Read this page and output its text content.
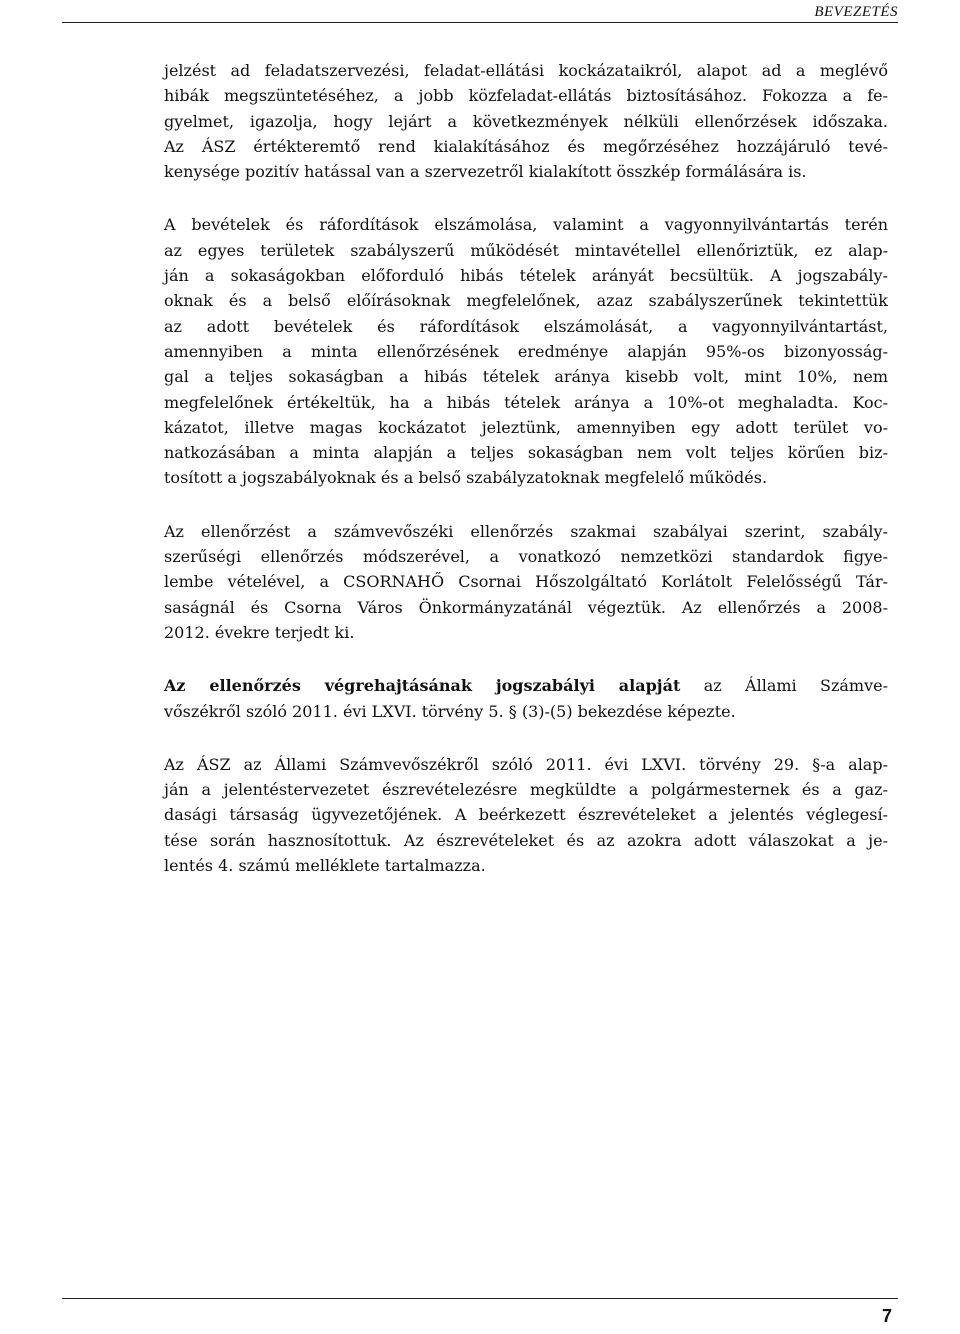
BEVEZETÉS
jelzést ad feladatszervezési, feladat-ellátási kockázataikról, alapot ad a meglévő
hibák megszüntetéséhez, a jobb közfeladat-ellátás biztosításához. Fokozza a fe-
gyelmet, igazolja, hogy lejárt a következmények nélküli ellenőrzések időszaka.
Az ÁSZ értékteremtő rend kialakításához és megőrzéséhez hozzájáruló tevé-
kenysége pozitív hatással van a szervezetről kialakított összkép formálására is.
A bevételek és ráfordítások elszámolása, valamint a vagyonnyilvántartás terén
az egyes területek szabályszerű működését mintavétellel ellenőriztük, ez alap-
ján a sokaságokban előforduló hibás tételek arányát becsültük. A jogszabály-
oknak és a belső előírásoknak megfelelőnek, azaz szabályszerűnek tekintettük
az adott bevételek és ráfordítások elszámolását, a vagyonnyilvántartást,
amennyiben a minta ellenőrzésének eredménye alapján 95%-os bizonyosság-
gal a teljes sokaságban a hibás tételek aránya kisebb volt, mint 10%, nem
megfelelőnek értékeltük, ha a hibás tételek aránya a 10%-ot meghaladta. Koc-
kázatot, illetve magas kockázatot jeleztünk, amennyiben egy adott terület vo-
natkozásában a minta alapján a teljes sokaságban nem volt teljes körűen biz-
tosított a jogszabályoknak és a belső szabályzatoknak megfelelő működés.
Az ellenőrzést a számvevőszéki ellenőrzés szakmai szabályai szerint, szabály-
szerűségi ellenőrzés módszerével, a vonatkozó nemzetközi standardok figye-
lembe vételével, a CSORNAHŐ Csornai Hőszolgáltató Korlátolt Felelősségű Tár-
saságnál és Csorna Város Önkormányzatánál végeztük. Az ellenőrzés a 2008-
2012. évekre terjedt ki.
Az ellenőrzés végrehajtásának jogszabályi alapját az Állami Számve-
vőszékről szóló 2011. évi LXVI. törvény 5. § (3)-(5) bekezdése képezte.
Az ÁSZ az Állami Számvevőszékről szóló 2011. évi LXVI. törvény 29. §-a alap-
ján a jelentéstervezetet észrevételezésre megküldte a polgármesternek és a gaz-
dasági társaság ügyvezetőjének. A beérkezett észrevételeket a jelentés véglegesí-
tése során hasznosítottuk. Az észrevételeket és az azokra adott válaszokat a je-
lentés 4. számú melléklete tartalmazza.
7
